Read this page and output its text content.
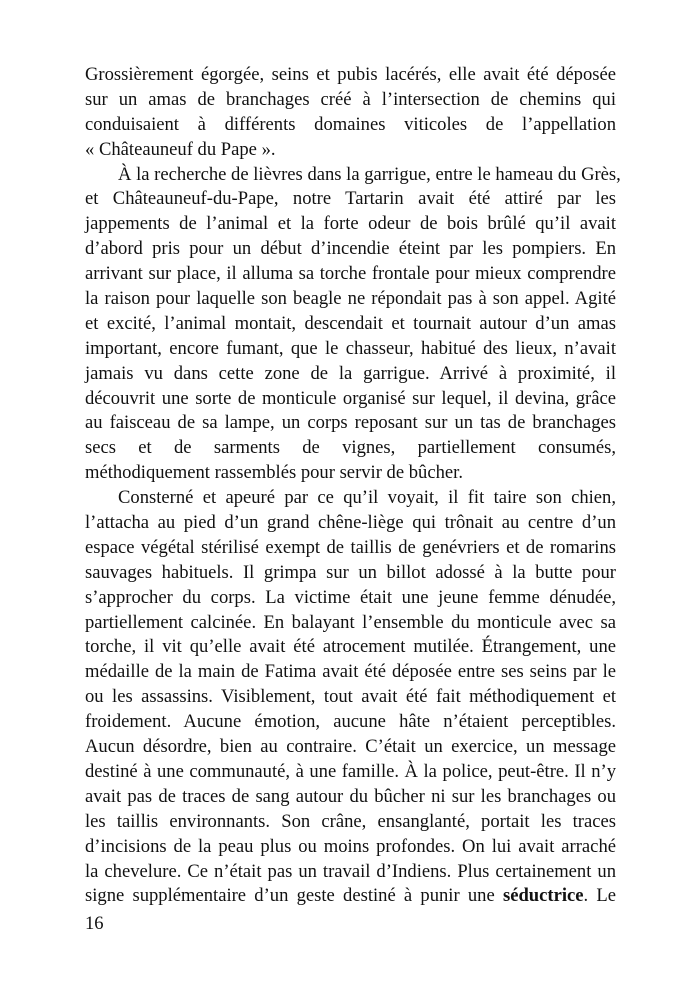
Grossièrement égorgée, seins et pubis lacérés, elle avait été déposée
sur un amas de branchages créé à l’intersection de chemins qui
conduisaient à différents domaines viticoles de l’appellation
« Châteauneuf du Pape ».
À la recherche de lièvres dans la garrigue, entre le hameau du Grès,
et Châteauneuf-du-Pape, notre Tartarin avait été attiré par les
jappements de l’animal et la forte odeur de bois brûlé qu’il avait
d’abord pris pour un début d’incendie éteint par les pompiers. En
arrivant sur place, il alluma sa torche frontale pour mieux comprendre
la raison pour laquelle son beagle ne répondait pas à son appel. Agité
et excité, l’animal montait, descendait et tournait autour d’un amas
important, encore fumant, que le chasseur, habitué des lieux, n’avait
jamais vu dans cette zone de la garrigue. Arrivé à proximité, il
découvrit une sorte de monticule organisé sur lequel, il devina, grâce
au faisceau de sa lampe, un corps reposant sur un tas de branchages
secs et de sarments de vignes, partiellement consumés,
méthodiquement rassemblés pour servir de bûcher.
Consterné et apeuré par ce qu’il voyait, il fit taire son chien,
l’attacha au pied d’un grand chêne-liège qui trônait au centre d’un
espace végétal stérilisé exempt de taillis de genévriers et de romarins
sauvages habituels. Il grimpa sur un billot adossé à la butte pour
s’approcher du corps. La victime était une jeune femme dénudée,
partiellement calcinée. En balayant l’ensemble du monticule avec sa
torche, il vit qu’elle avait été atrocement mutilée. Étrangement, une
médaille de la main de Fatima avait été déposée entre ses seins par le
ou les assassins. Visiblement, tout avait été fait méthodiquement et
froidement. Aucune émotion, aucune hâte n’étaient perceptibles.
Aucun désordre, bien au contraire. C’était un exercice, un message
destiné à une communauté, à une famille. À la police, peut-être. Il n’y
avait pas de traces de sang autour du bûcher ni sur les branchages ou
les taillis environnants. Son crâne, ensanglanté, portait les traces
d’incisions de la peau plus ou moins profondes. On lui avait arraché
la chevelure. Ce n’était pas un travail d’Indiens. Plus certainement un
signe supplémentaire d’un geste destiné à punir une séductrice. Le
16
